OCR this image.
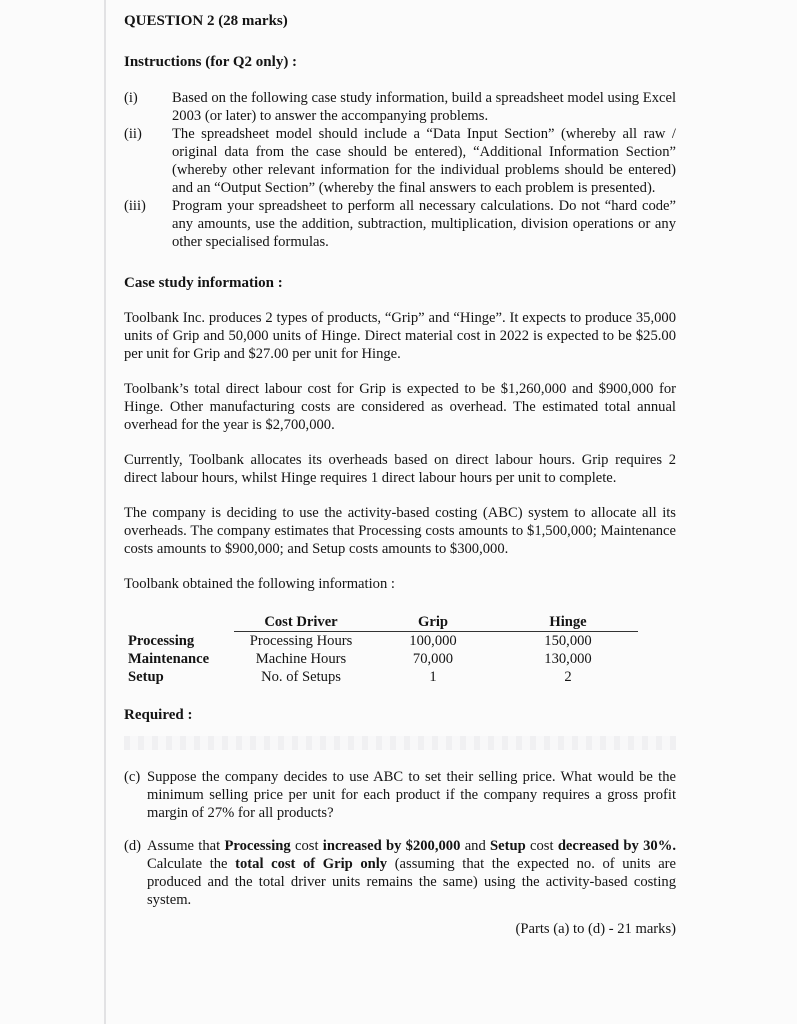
QUESTION 2 (28 marks)

Instructions (for Q2 only) :

(i) Based on the following case study information, build a spreadsheet model using Excel 2003 (or later) to answer the accompanying problems.
(ii) The spreadsheet model should include a “Data Input Section” (whereby all raw / original data from the case should be entered), “Additional Information Section” (whereby other relevant information for the individual problems should be entered) and an “Output Section” (whereby the final answers to each problem is presented).
(iii) Program your spreadsheet to perform all necessary calculations. Do not “hard code” any amounts, use the addition, subtraction, multiplication, division operations or any other specialised formulas.

Case study information :

Toolbank Inc. produces 2 types of products, “Grip” and “Hinge”. It expects to produce 35,000 units of Grip and 50,000 units of Hinge. Direct material cost in 2022 is expected to be $25.00 per unit for Grip and $27.00 per unit for Hinge.

Toolbank’s total direct labour cost for Grip is expected to be $1,260,000 and $900,000 for Hinge. Other manufacturing costs are considered as overhead. The estimated total annual overhead for the year is $2,700,000.

Currently, Toolbank allocates its overheads based on direct labour hours. Grip requires 2 direct labour hours, whilst Hinge requires 1 direct labour hours per unit to complete.

The company is deciding to use the activity-based costing (ABC) system to allocate all its overheads. The company estimates that Processing costs amounts to $1,500,000; Maintenance costs amounts to $900,000; and Setup costs amounts to $300,000.

Toolbank obtained the following information :

	Cost Driver	Grip	Hinge
Processing	Processing Hours	100,000	150,000
Maintenance	Machine Hours	70,000	130,000
Setup	No. of Setups	1	2

Required :

(c) Suppose the company decides to use ABC to set their selling price. What would be the minimum selling price per unit for each product if the company requires a gross profit margin of 27% for all products?
(d) Assume that Processing cost increased by $200,000 and Setup cost decreased by 30%. Calculate the total cost of Grip only (assuming that the expected no. of units are produced and the total driver units remains the same) using the activity-based costing system.
(Parts (a) to (d) - 21 marks)
